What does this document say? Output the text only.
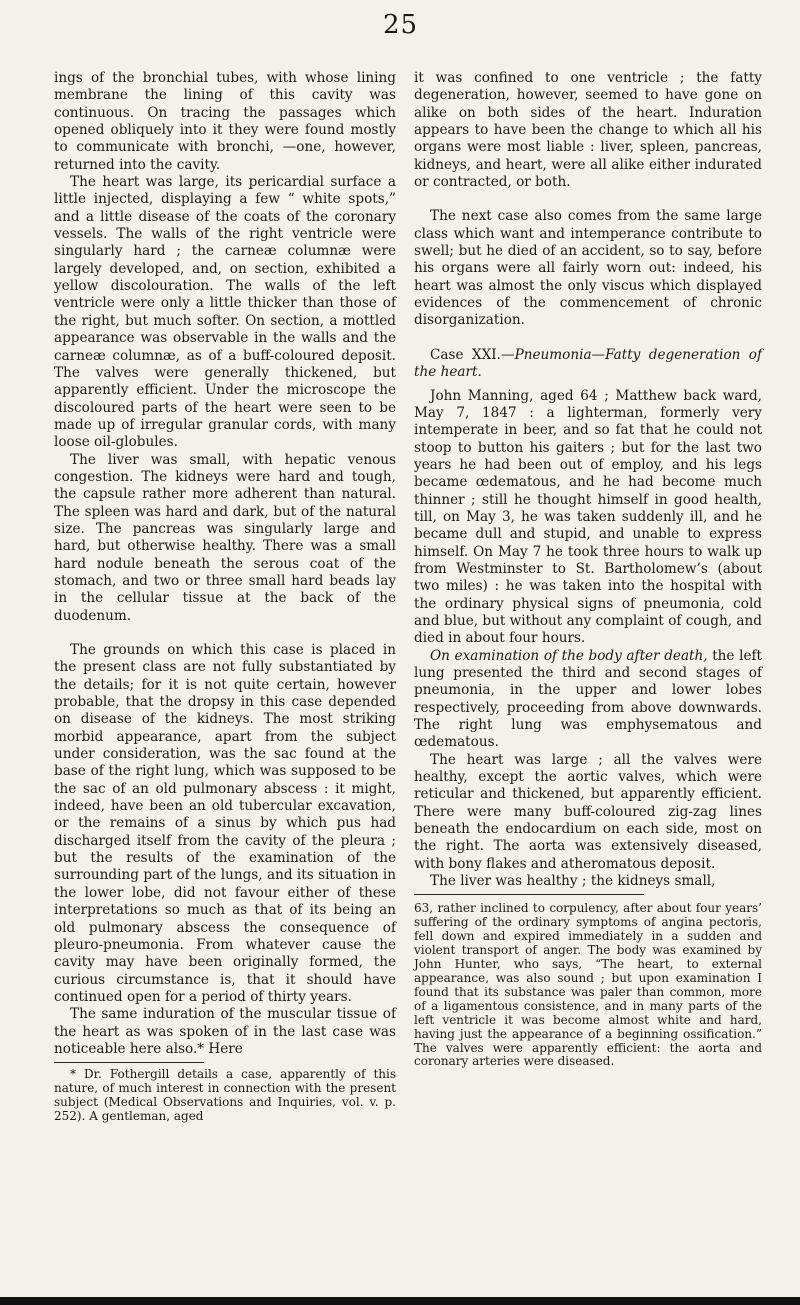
25

ings of the bronchial tubes, with whose lining membrane the lining of this cavity was continuous. On tracing the passages which opened obliquely into it they were found mostly to communicate with bronchi, —one, however, returned into the cavity.

The heart was large, its pericardial surface a little injected, displaying a few “ white spots,” and a little disease of the coats of the coronary vessels. The walls of the right ventricle were singularly hard ; the carneæ columnæ were largely developed, and, on section, exhibited a yellow discolouration. The walls of the left ventricle were only a little thicker than those of the right, but much softer. On section, a mottled appearance was observable in the walls and the carneæ columnæ, as of a buff-coloured deposit. The valves were generally thickened, but apparently efficient. Under the microscope the discoloured parts of the heart were seen to be made up of irregular granular cords, with many loose oil-globules.

The liver was small, with hepatic venous congestion. The kidneys were hard and tough, the capsule rather more adherent than natural. The spleen was hard and dark, but of the natural size. The pancreas was singularly large and hard, but otherwise healthy. There was a small hard nodule beneath the serous coat of the stomach, and two or three small hard beads lay in the cellular tissue at the back of the duodenum.

The grounds on which this case is placed in the present class are not fully substantiated by the details; for it is not quite certain, however probable, that the dropsy in this case depended on disease of the kidneys. The most striking morbid appearance, apart from the subject under consideration, was the sac found at the base of the right lung, which was supposed to be the sac of an old pulmonary abscess : it might, indeed, have been an old tubercular excavation, or the remains of a sinus by which pus had discharged itself from the cavity of the pleura ; but the results of the examination of the surrounding part of the lungs, and its situation in the lower lobe, did not favour either of these interpretations so much as that of its being an old pulmonary abscess the consequence of pleuro-pneumonia. From whatever cause the cavity may have been originally formed, the curious circumstance is, that it should have continued open for a period of thirty years.

The same induration of the muscular tissue of the heart as was spoken of in the last case was noticeable here also.* Here

* Dr. Fothergill details a case, apparently of this nature, of much interest in connection with the present subject (Medical Observations and Inquiries, vol. v. p. 252). A gentleman, aged

it was confined to one ventricle ; the fatty degeneration, however, seemed to have gone on alike on both sides of the heart. Induration appears to have been the change to which all his organs were most liable : liver, spleen, pancreas, kidneys, and heart, were all alike either indurated or contracted, or both.

The next case also comes from the same large class which want and intemperance contribute to swell; but he died of an accident, so to say, before his organs were all fairly worn out: indeed, his heart was almost the only viscus which displayed evidences of the commencement of chronic disorganization.

Case XXI.—Pneumonia—Fatty degeneration of the heart.

John Manning, aged 64 ; Matthew back ward, May 7, 1847 : a lighterman, formerly very intemperate in beer, and so fat that he could not stoop to button his gaiters ; but for the last two years he had been out of employ, and his legs became œdematous, and he had become much thinner ; still he thought himself in good health, till, on May 3, he was taken suddenly ill, and he became dull and stupid, and unable to express himself. On May 7 he took three hours to walk up from Westminster to St. Bartholomew’s (about two miles) : he was taken into the hospital with the ordinary physical signs of pneumonia, cold and blue, but without any complaint of cough, and died in about four hours.

On examination of the body after death, the left lung presented the third and second stages of pneumonia, in the upper and lower lobes respectively, proceeding from above downwards. The right lung was emphysematous and œdematous.

The heart was large ; all the valves were healthy, except the aortic valves, which were reticular and thickened, but apparently efficient. There were many buff-coloured zig-zag lines beneath the endocardium on each side, most on the right. The aorta was extensively diseased, with bony flakes and atheromatous deposit.

The liver was healthy ; the kidneys small,

63, rather inclined to corpulency, after about four years’ suffering of the ordinary symptoms of angina pectoris, fell down and expired immediately in a sudden and violent transport of anger. The body was examined by John Hunter, who says, “The heart, to external appearance, was also sound ; but upon examination I found that its substance was paler than common, more of a ligamentous consistence, and in many parts of the left ventricle it was become almost white and hard, having just the appearance of a beginning ossification.” The valves were apparently efficient: the aorta and coronary arteries were diseased.
